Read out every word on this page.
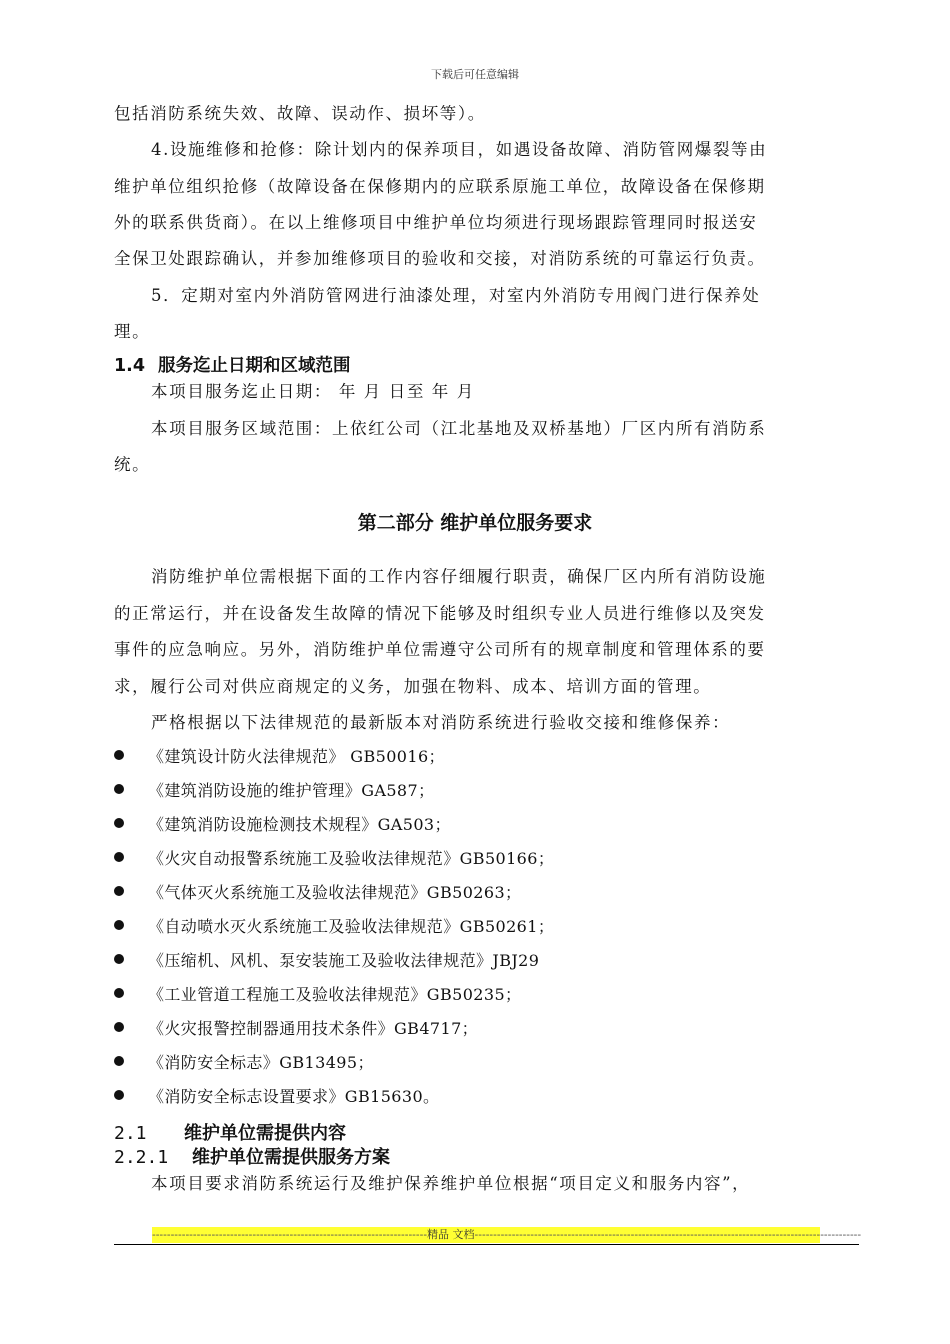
下载后可任意编辑
包括消防系统失效、故障、误动作、损坏等）。
4.设施维修和抢修：除计划内的保养项目，如遇设备故障、消防管网爆裂等由
维护单位组织抢修（故障设备在保修期内的应联系原施工单位，故障设备在保修期
外的联系供货商）。在以上维修项目中维护单位均须进行现场跟踪管理同时报送安
全保卫处跟踪确认，并参加维修项目的验收和交接，对消防系统的可靠运行负责。
5．定期对室内外消防管网进行油漆处理，对室内外消防专用阀门进行保养处
理。
1.4 服务迄止日期和区域范围
本项目服务迄止日期： 年 月 日至 年 月
本项目服务区域范围：上依红公司（江北基地及双桥基地）厂区内所有消防系
统。
第二部分 维护单位服务要求
消防维护单位需根据下面的工作内容仔细履行职责，确保厂区内所有消防设施
的正常运行，并在设备发生故障的情况下能够及时组织专业人员进行维修以及突发
事件的应急响应。另外，消防维护单位需遵守公司所有的规章制度和管理体系的要
求，履行公司对供应商规定的义务，加强在物料、成本、培训方面的管理。
严格根据以下法律规范的最新版本对消防系统进行验收交接和维修保养：
《建筑设计防火法律规范》 GB50016；
《建筑消防设施的维护管理》GA587；
《建筑消防设施检测技术规程》GA503；
《火灾自动报警系统施工及验收法律规范》GB50166；
《气体灭火系统施工及验收法律规范》GB50263；
《自动喷水灭火系统施工及验收法律规范》GB50261；
《压缩机、风机、泵安装施工及验收法律规范》JBJ29
《工业管道工程施工及验收法律规范》GB50235；
《火灾报警控制器通用技术条件》GB4717；
《消防安全标志》GB13495；
《消防安全标志设置要求》GB15630。
2.1 维护单位需提供内容
2.2.1 维护单位需提供服务方案
本项目要求消防系统运行及维护保养维护单位根据“项目定义和服务内容”，
--------------------------------------------------------------------------精品 文档--------------------------------------------------------------------------------------------------------
